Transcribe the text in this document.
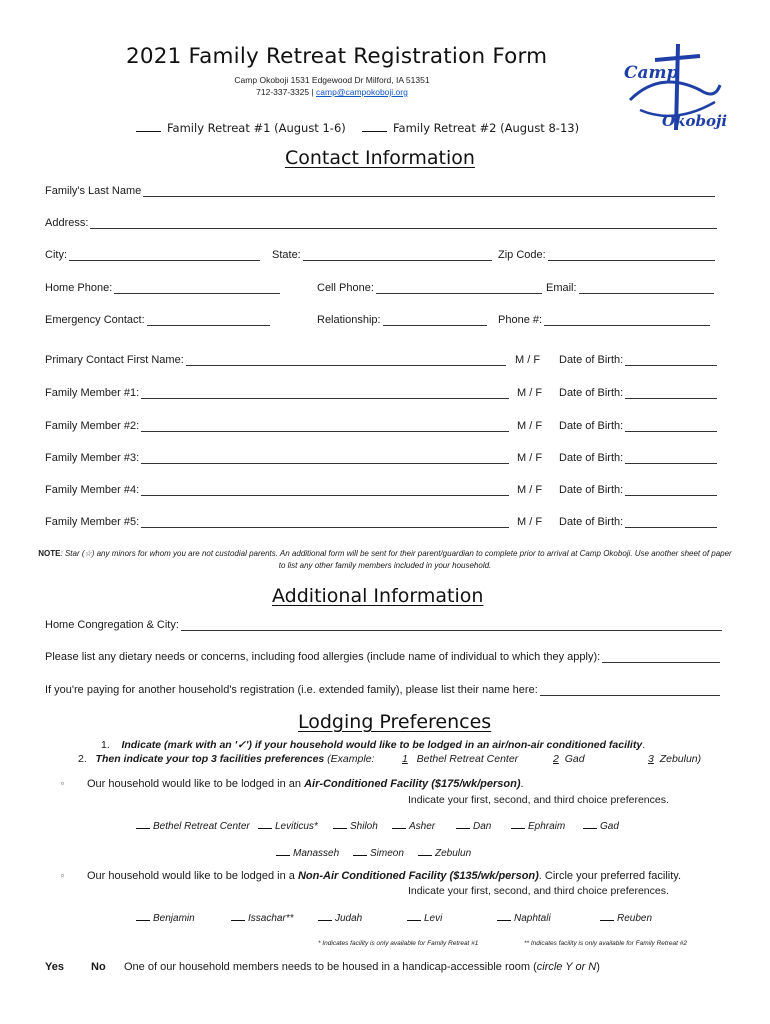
2021 Family Retreat Registration Form
Camp Okoboji 1531 Edgewood Dr Milford, IA 51351
712-337-3325 | camp@campokoboji.org
Camp
Okoboji
Family Retreat #1 (August 1-6)	Family Retreat #2 (August 8-13)
Contact Information
Family's Last Name
Address:
City:	State:	Zip Code:
Home Phone:	Cell Phone:	Email:
Emergency Contact:	Relationship:	Phone #:
Primary Contact First Name:	M / F Date of Birth:
Family Member #1:	M / F Date of Birth:
Family Member #2:	M / F Date of Birth:
Family Member #3:	M / F Date of Birth:
Family Member #4:	M / F Date of Birth:
Family Member #5:	M / F Date of Birth:
NOTE: Star (☆) any minors for whom you are not custodial parents. An additional form will be sent for their parent/guardian to complete prior to arrival at Camp Okoboji. Use another sheet of paper to list any other family members included in your household.
Additional Information
Home Congregation & City:
Please list any dietary needs or concerns, including food allergies (include name of individual to which they apply):
If you're paying for another household's registration (i.e. extended family), please list their name here:
Lodging Preferences
1. Indicate (mark with an '✓') if your household would like to be lodged in an air/non-air conditioned facility.
2. Then indicate your top 3 facilities preferences (Example:	1 Bethel Retreat Center	2 Gad	3 Zebulun)
▫ Our household would like to be lodged in an Air-Conditioned Facility ($175/wk/person).
Indicate your first, second, and third choice preferences.
Bethel Retreat Center	Leviticus*	Shiloh	Asher	Dan	Ephraim	Gad
Manasseh	Simeon	Zebulun
▫ Our household would like to be lodged in a Non-Air Conditioned Facility ($135/wk/person). Circle your preferred facility.
Indicate your first, second, and third choice preferences.
Benjamin	Issachar**	Judah	Levi	Naphtali	Reuben
* Indicates facility is only available for Family Retreat #1	** Indicates facility is only available for Family Retreat #2
Yes No One of our household members needs to be housed in a handicap-accessible room (circle Y or N)
